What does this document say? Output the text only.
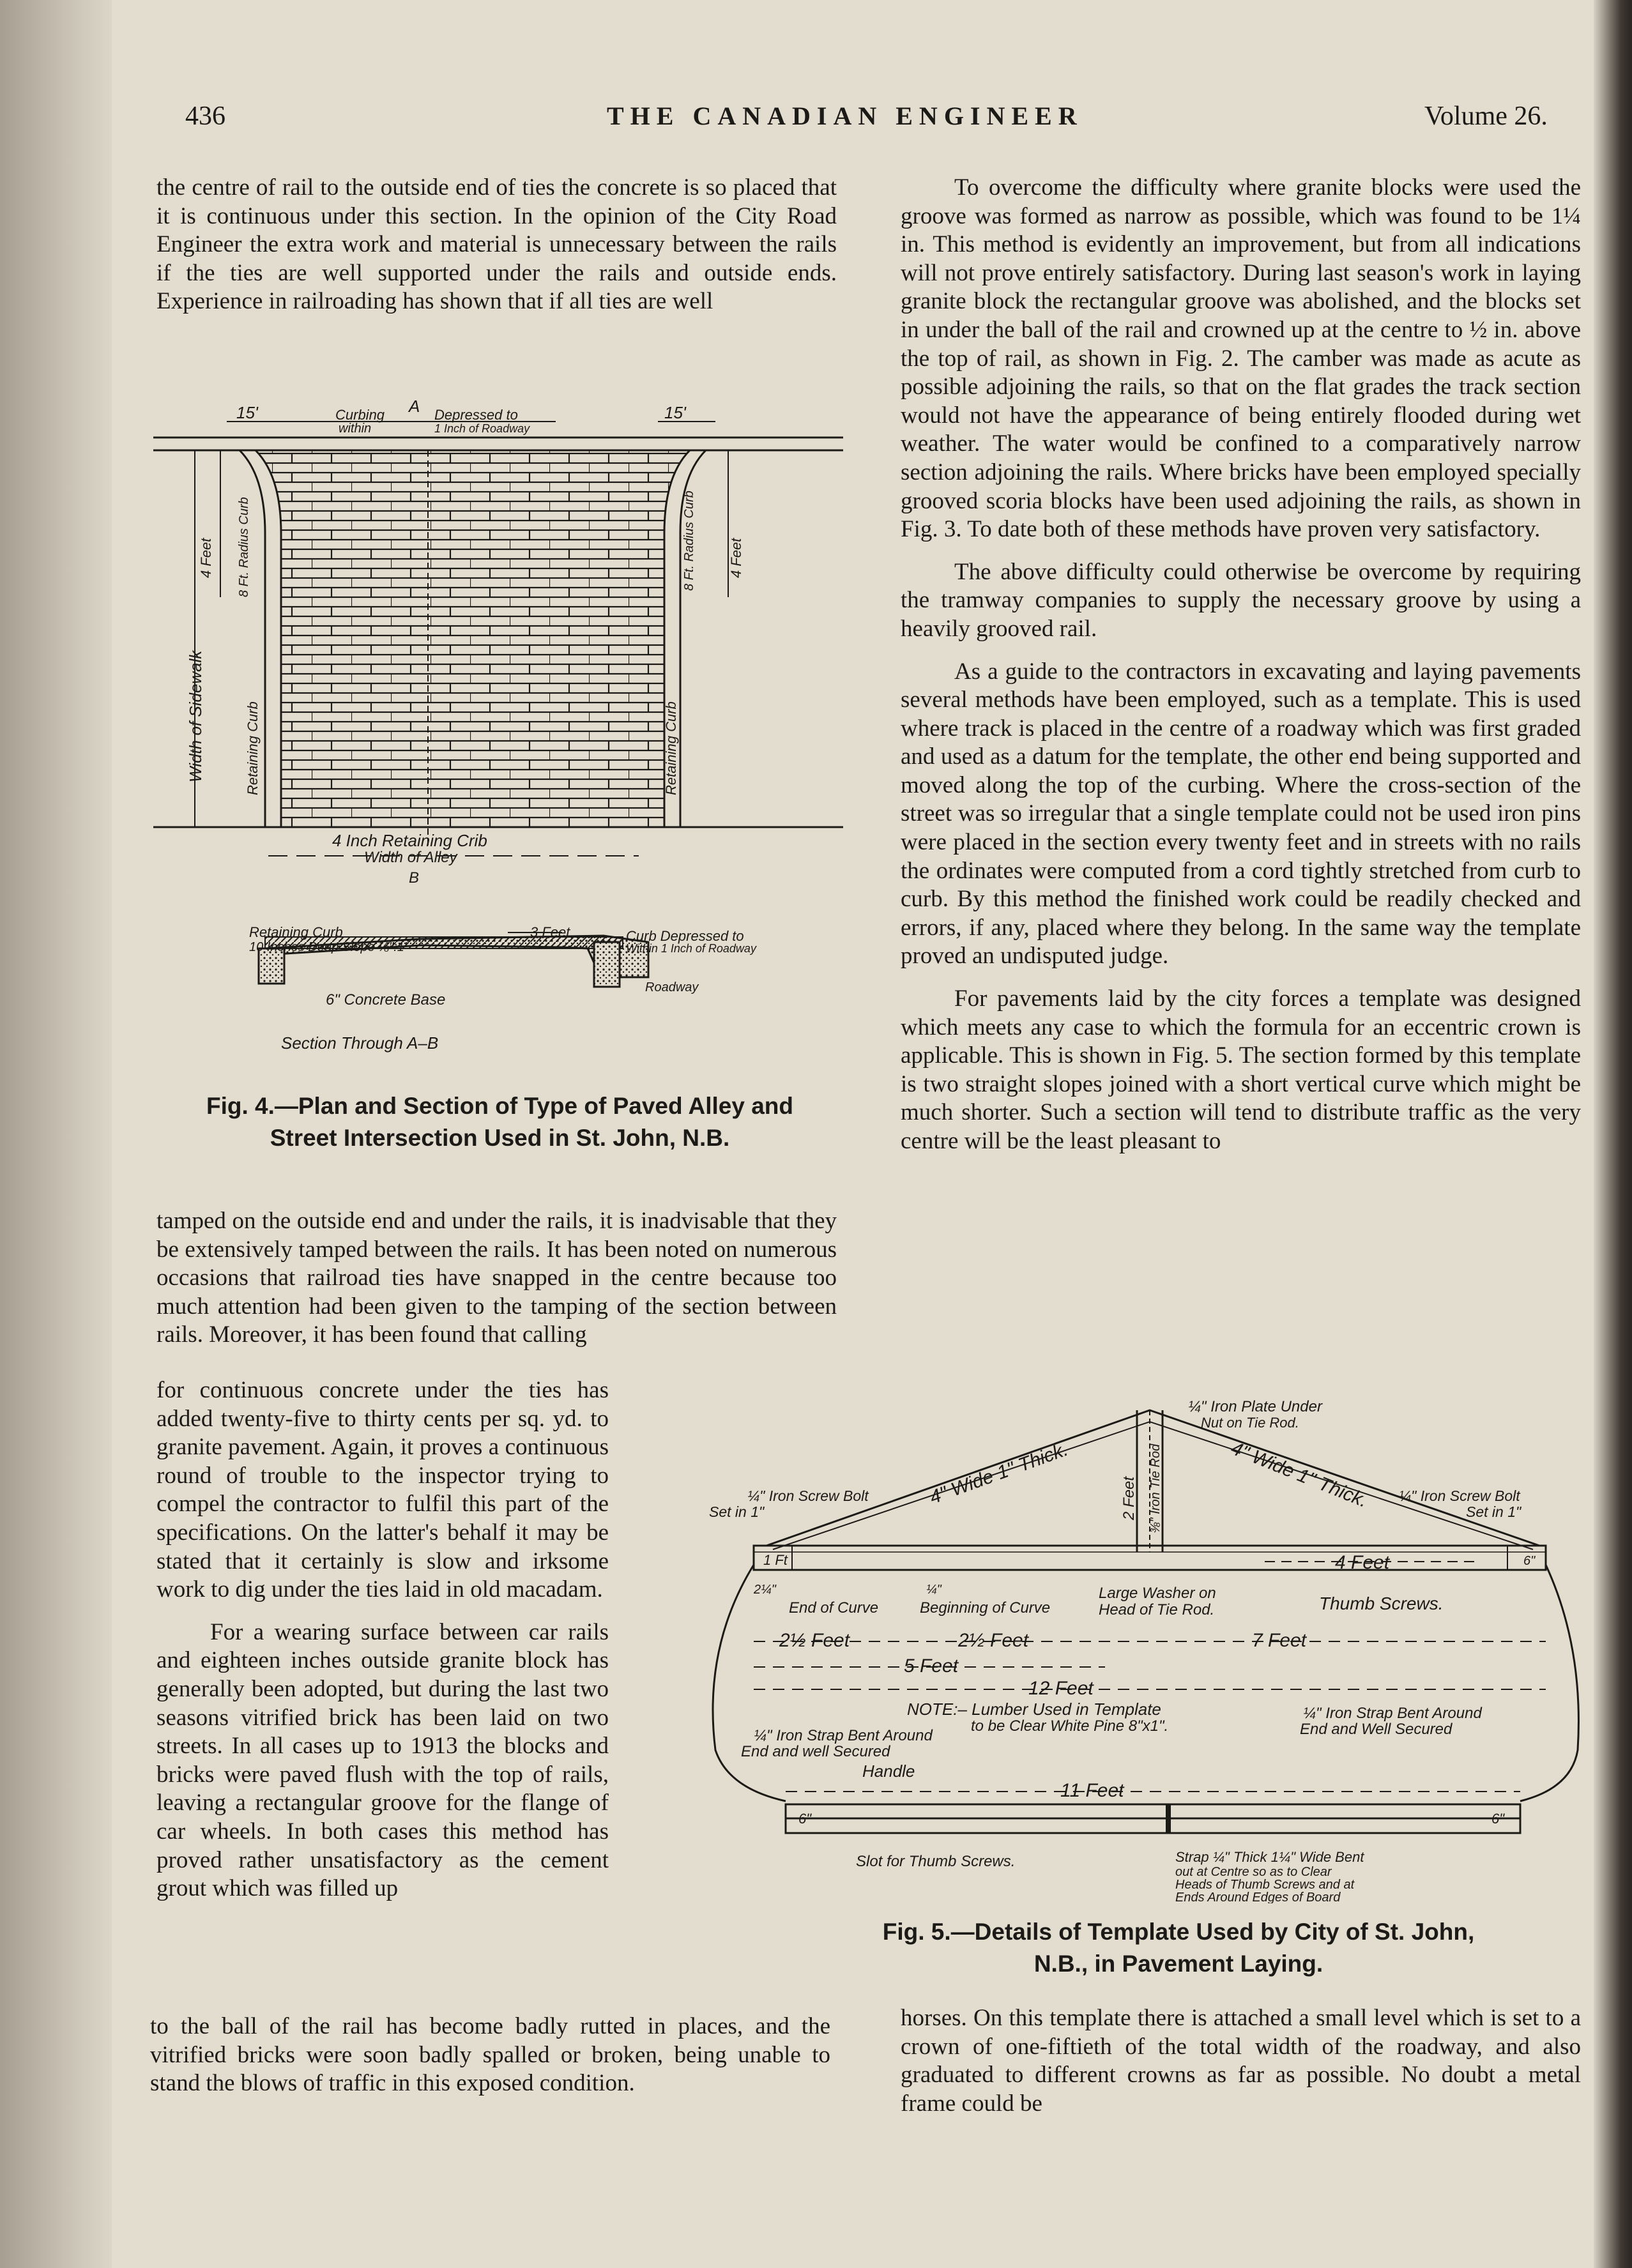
436	THE CANADIAN ENGINEER	Volume 26.

the centre of rail to the outside end of ties the concrete is so placed that it is continuous under this section. In the opinion of the City Road Engineer the extra work and material is unnecessary between the rails if the ties are well supported under the rails and outside ends. Experience in railroading has shown that if all ties are well

15'	15'
Curbing
within
A Depressed to
1 Inch of Roadway
4 Feet 8 Ft. Radius Curb
Width of Sidewalk	Retaining Curb
8 Ft. Radius Curb 4 Feet
Retaining Curb
4 Inch Retaining Crib
Width of Alley
B
Retaining Curb
10 Inches Deep Slope ⅛":1'
3 Feet	Curb Depressed to
Within 1 Inch of Roadway
Roadway
6" Concrete Base
Section Through A–B
Fig. 4.—Plan and Section of Type of Paved Alley and
Street Intersection Used in St. John, N.B.

tamped on the outside end and under the rails, it is inadvisable that they be extensively tamped between the rails. It has been noted on numerous occasions that railroad ties have snapped in the centre because too much attention had been given to the tamping of the section between rails. Moreover, it has been found that calling

for continuous concrete under the ties has added twenty-five to thirty cents per sq. yd. to granite pavement. Again, it proves a continuous round of trouble to the inspector trying to compel the contractor to fulfil this part of the specifications. On the latter's behalf it may be stated that it certainly is slow and irksome work to dig under the ties laid in old macadam.

For a wearing surface between car rails and eighteen inches outside granite block has generally been adopted, but during the last two seasons vitrified brick has been laid on two streets. In all cases up to 1913 the blocks and bricks were paved flush with the top of rails, leaving a rectangular groove for the flange of car wheels. In both cases this method has proved rather unsatisfactory as the cement grout which was filled up

to the ball of the rail has become badly rutted in places, and the vitrified bricks were soon badly spalled or broken, being unable to stand the blows of traffic in this exposed condition.

To overcome the difficulty where granite blocks were used the groove was formed as narrow as possible, which was found to be 1¼ in. This method is evidently an improvement, but from all indications will not prove entirely satisfactory. During last season's work in laying granite block the rectangular groove was abolished, and the blocks set in under the ball of the rail and crowned up at the centre to ½ in. above the top of rail, as shown in Fig. 2. The camber was made as acute as possible adjoining the rails, so that on the flat grades the track section would not have the appearance of being entirely flooded during wet weather. The water would be confined to a comparatively narrow section adjoining the rails. Where bricks have been employed specially grooved scoria blocks have been used adjoining the rails, as shown in Fig. 3. To date both of these methods have proven very satisfactory.

The above difficulty could otherwise be overcome by requiring the tramway companies to supply the necessary groove by using a heavily grooved rail.

As a guide to the contractors in excavating and laying pavements several methods have been employed, such as a template. This is used where track is placed in the centre of a roadway which was first graded and used as a datum for the template, the other end being supported and moved along the top of the curbing. Where the cross-section of the street was so irregular that a single template could not be used iron pins were placed in the section every twenty feet and in streets with no rails the ordinates were computed from a cord tightly stretched from curb to curb. By this method the finished work could be readily checked and errors, if any, placed where they belong. In the same way the template proved an undisputed judge.

For pavements laid by the city forces a template was designed which meets any case to which the formula for an eccentric crown is applicable. This is shown in Fig. 5. The section formed by this template is two straight slopes joined with a short vertical curve which might be much shorter. Such a section will tend to distribute traffic as the very centre will be the least pleasant to

¼" Iron Plate Under
Nut on Tie Rod.
¼" Iron Screw Bolt
Set in 1"
¼" Iron Screw Bolt
Set in 1"
4" Wide 1" Thick.	4" Wide 1" Thick.
2 Feet ⅜" Iron Tie Rod
1 Ft	4 Feet	6"
2¼"	¼"
End of Curve	Beginning of Curve
Large Washer on
Head of Tie Rod.	Thumb Screws.
2½ Feet	2½ Feet	7 Feet
5 Feet
12 Feet
NOTE:– Lumber Used in Template
to be Clear White Pine 8"x1".
¼" Iron Strap Bent Around
End and well Secured
¼" Iron Strap Bent Around
End and Well Secured
Handle
11 Feet
6"	6"
Slot for Thumb Screws.	Strap ¼" Thick 1¼" Wide Bent
out at Centre so as to Clear
Heads of Thumb Screws and at
Ends Around Edges of Board
Fig. 5.—Details of Template Used by City of St. John,
N.B., in Pavement Laying.

horses. On this template there is attached a small level which is set to a crown of one-fiftieth of the total width of the roadway, and also graduated to different crowns as far as possible. No doubt a metal frame could be
